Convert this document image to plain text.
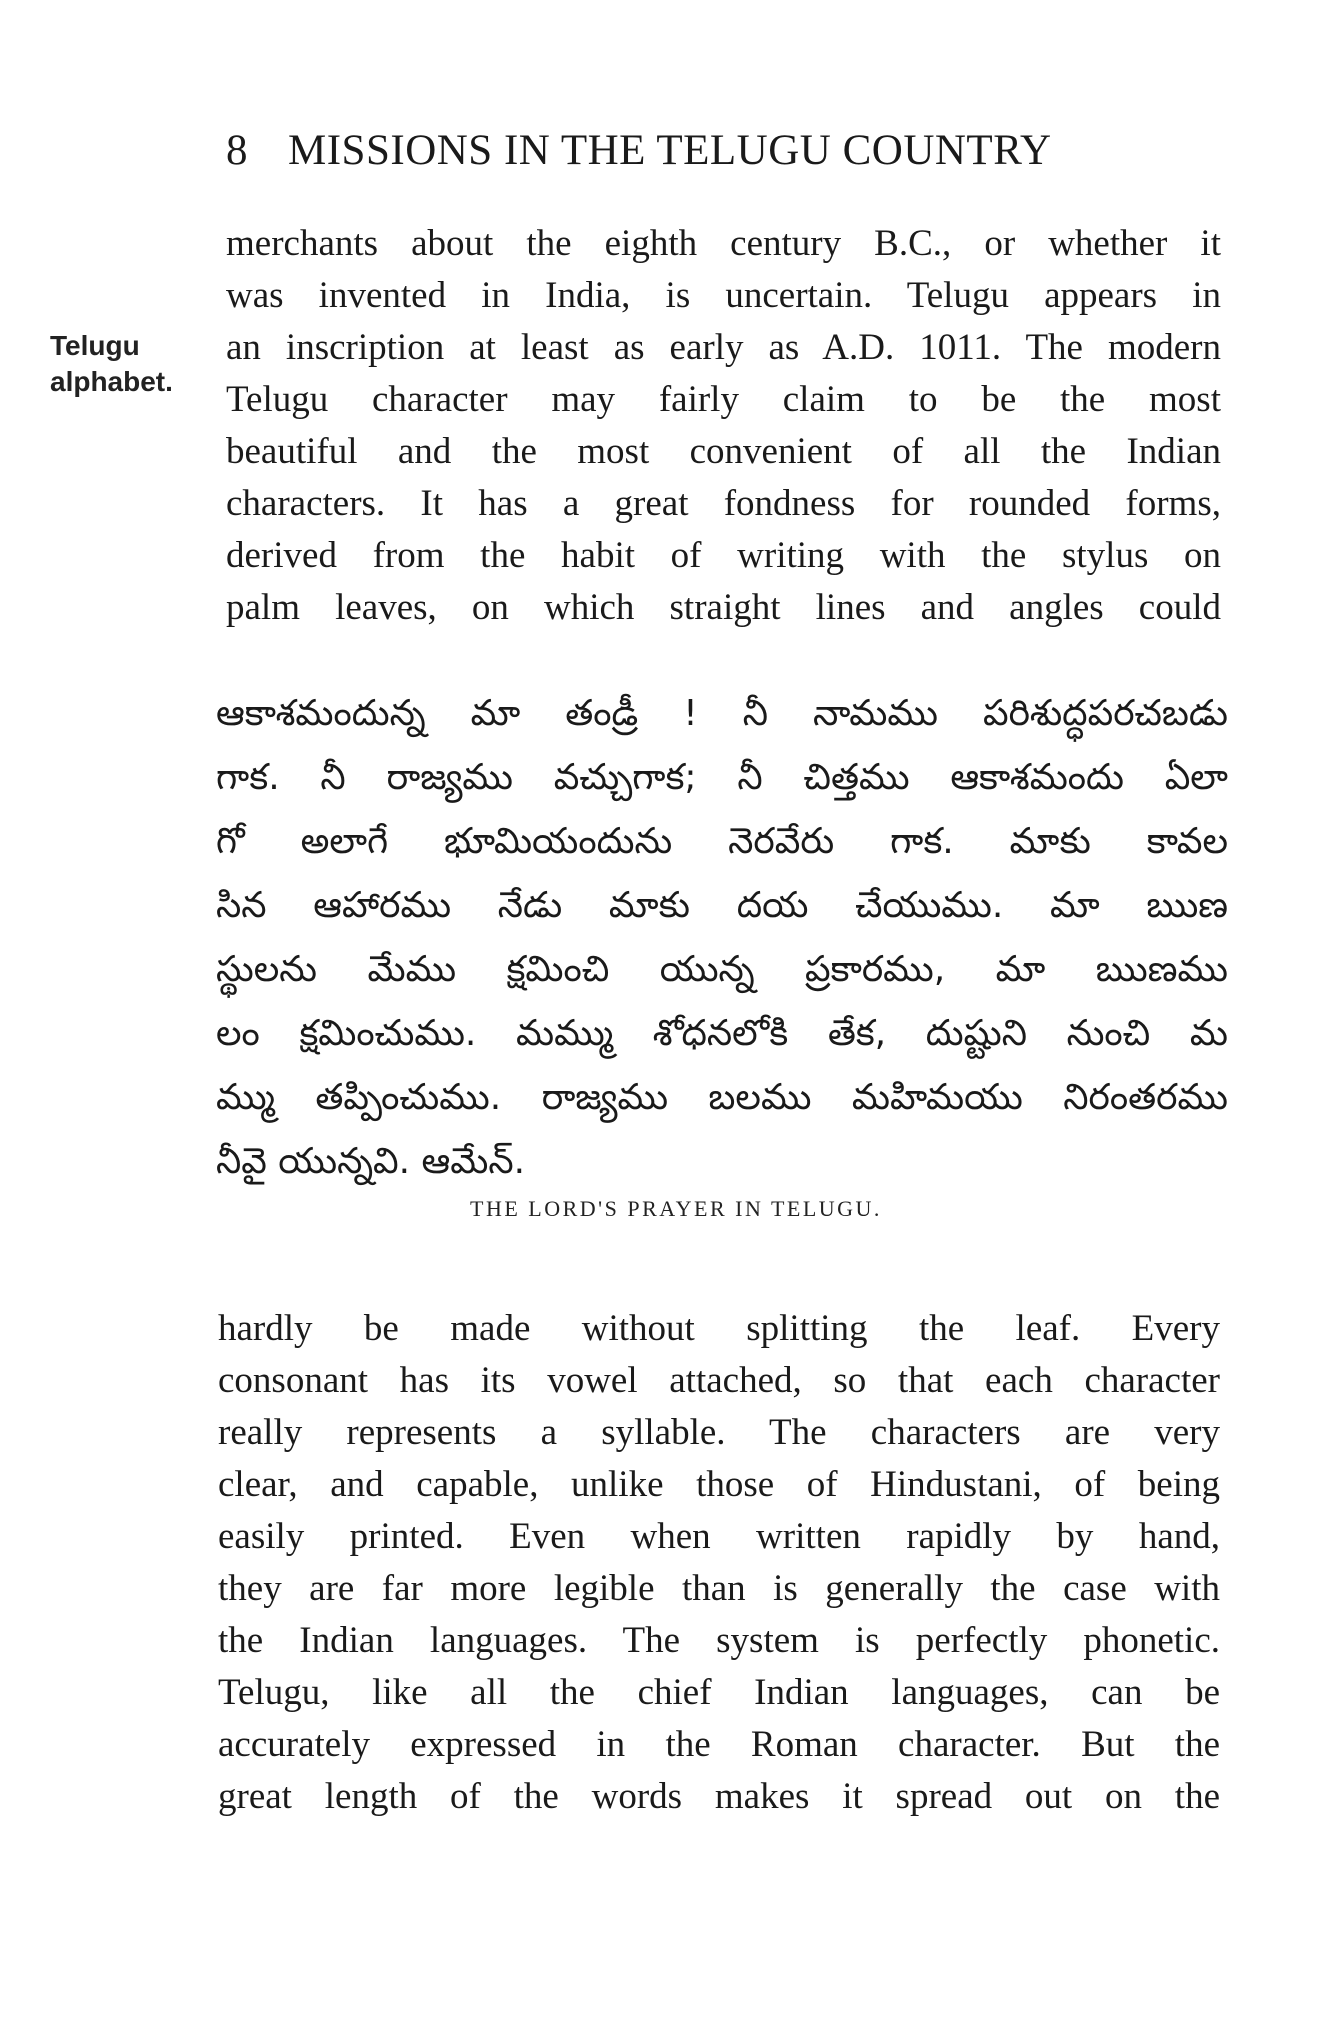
8 MISSIONS IN THE TELUGU COUNTRY
Telugu
alphabet.
merchants about the eighth century B.C., or whether it
was invented in India, is uncertain. Telugu appears in
an inscription at least as early as A.D. 1011. The modern
Telugu character may fairly claim to be the most
beautiful and the most convenient of all the Indian
characters. It has a great fondness for rounded forms,
derived from the habit of writing with the stylus on
palm leaves, on which straight lines and angles could
ఆకాశమందున్న మా తండ్రీ ! నీ నామము పరిశుద్ధపరచబడు
గాక. నీ రాజ్యము వచ్చుగాక; నీ చిత్తము ఆకాశమందు ఏలా
గో అలాగే భూమియందును నెరవేరు గాక. మాకు కావల
సిన ఆహారము నేడు మాకు దయ చేయుము. మా ఋణ
స్థులను మేము క్షమించి యున్న ప్రకారము, మా ఋణము
లం క్షమించుము. మమ్ము శోధనలోకి తేక, దుష్టుని నుంచి మ
మ్ము తప్పించుము. రాజ్యము బలము మహిమయు నిరంతరము
నీవై యున్నవి. ఆమేన్.
THE LORD'S PRAYER IN TELUGU.
hardly be made without splitting the leaf. Every
consonant has its vowel attached, so that each character
really represents a syllable. The characters are very
clear, and capable, unlike those of Hindustani, of being
easily printed. Even when written rapidly by hand,
they are far more legible than is generally the case with
the Indian languages. The system is perfectly phonetic.
Telugu, like all the chief Indian languages, can be
accurately expressed in the Roman character. But the
great length of the words makes it spread out on the
